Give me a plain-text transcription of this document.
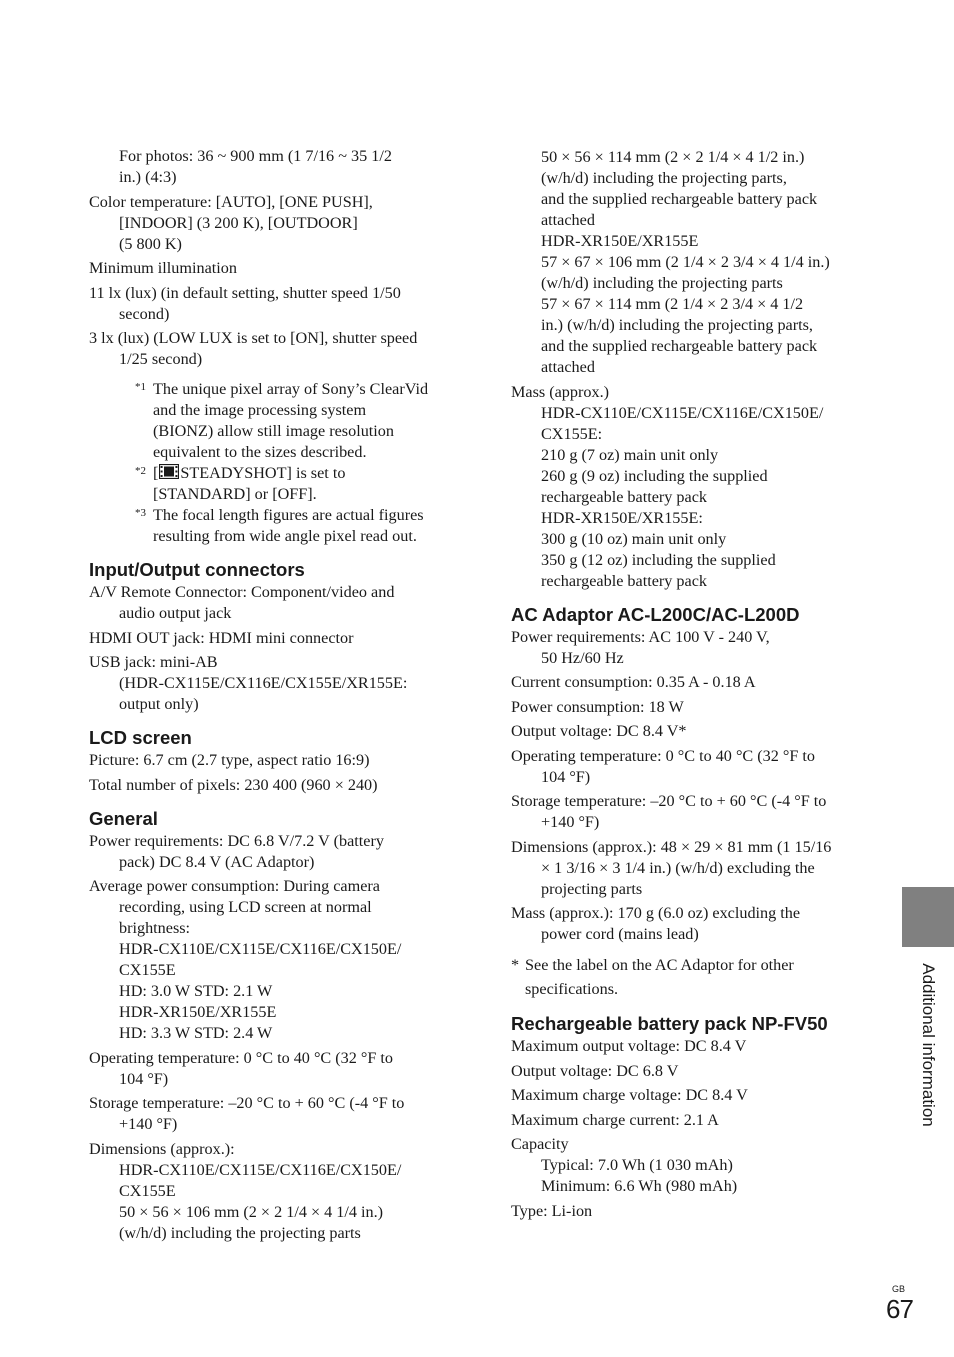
For photos: 36 ~ 900 mm (1 7/16 ~ 35 1/2
in.) (4:3)

Color temperature: [AUTO], [ONE PUSH],
[INDOOR] (3 200 K), [OUTDOOR]
(5 800 K)

Minimum illumination

11 lx (lux) (in default setting, shutter speed 1/50
second)

3 lx (lux) (LOW LUX is set to [ON], shutter speed
1/25 second)

*1 The unique pixel array of Sony’s ClearVid
and the image processing system
(BIONZ) allow still image resolution
equivalent to the sizes described.

*2 [ STEADYSHOT] is set to
[STANDARD] or [OFF].

*3 The focal length figures are actual figures
resulting from wide angle pixel read out.

Input/Output connectors

A/V Remote Connector: Component/video and
audio output jack

HDMI OUT jack: HDMI mini connector

USB jack: mini-AB
(HDR-CX115E/CX116E/CX155E/XR155E:
output only)

LCD screen

Picture: 6.7 cm (2.7 type, aspect ratio 16:9)

Total number of pixels: 230 400 (960 × 240)

General

Power requirements: DC 6.8 V/7.2 V (battery
pack) DC 8.4 V (AC Adaptor)

Average power consumption: During camera
recording, using LCD screen at normal
brightness:
HDR-CX110E/CX115E/CX116E/CX150E/
CX155E
HD: 3.0 W STD: 2.1 W
HDR-XR150E/XR155E
HD: 3.3 W STD: 2.4 W

Operating temperature: 0 °C to 40 °C (32 °F to
104 °F)

Storage temperature: –20 °C to + 60 °C (-4 °F to
+140 °F)

Dimensions (approx.):
HDR-CX110E/CX115E/CX116E/CX150E/
CX155E
50 × 56 × 106 mm (2 × 2 1/4 × 4 1/4 in.)
(w/h/d) including the projecting parts

50 × 56 × 114 mm (2 × 2 1/4 × 4 1/2 in.)
(w/h/d) including the projecting parts,
and the supplied rechargeable battery pack
attached
HDR-XR150E/XR155E
57 × 67 × 106 mm (2 1/4 × 2 3/4 × 4 1/4 in.)
(w/h/d) including the projecting parts
57 × 67 × 114 mm (2 1/4 × 2 3/4 × 4 1/2
in.) (w/h/d) including the projecting parts,
and the supplied rechargeable battery pack
attached

Mass (approx.)
HDR-CX110E/CX115E/CX116E/CX150E/
CX155E:
210 g (7 oz) main unit only
260 g (9 oz) including the supplied
rechargeable battery pack
HDR-XR150E/XR155E:
300 g (10 oz) main unit only
350 g (12 oz) including the supplied
rechargeable battery pack

AC Adaptor AC-L200C/AC-L200D

Power requirements: AC 100 V - 240 V,
50 Hz/60 Hz

Current consumption: 0.35 A - 0.18 A

Power consumption: 18 W

Output voltage: DC 8.4 V*

Operating temperature: 0 °C to 40 °C (32 °F to
104 °F)

Storage temperature: –20 °C to + 60 °C (-4 °F to
+140 °F)

Dimensions (approx.): 48 × 29 × 81 mm (1 15/16
× 1 3/16 × 3 1/4 in.) (w/h/d) excluding the
projecting parts

Mass (approx.): 170 g (6.0 oz) excluding the
power cord (mains lead)

* See the label on the AC Adaptor for other
specifications.

Rechargeable battery pack NP-FV50

Maximum output voltage: DC 8.4 V

Output voltage: DC 6.8 V

Maximum charge voltage: DC 8.4 V

Maximum charge current: 2.1 A

Capacity
Typical: 7.0 Wh (1 030 mAh)
Minimum: 6.6 Wh (980 mAh)

Type: Li-ion

Additional information
GB
67
